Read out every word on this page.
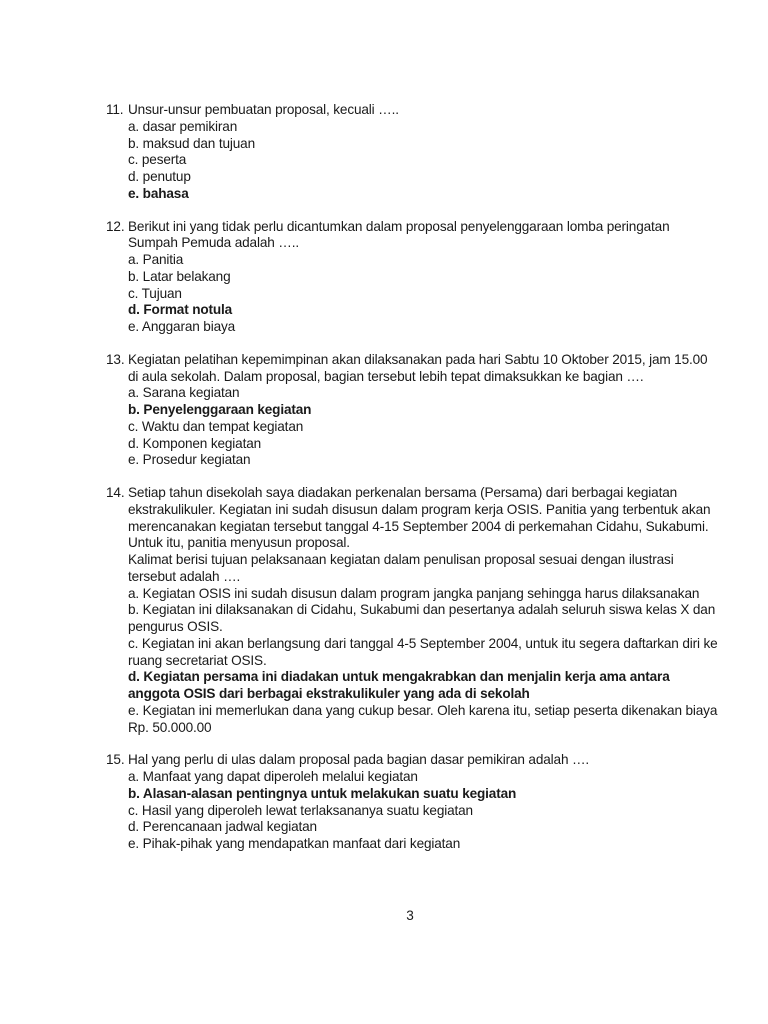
11. Unsur-unsur pembuatan proposal, kecuali …..
a. dasar pemikiran
b. maksud dan tujuan
c. peserta
d. penutup
e. bahasa
12. Berikut ini yang tidak perlu dicantumkan dalam proposal penyelenggaraan lomba peringatan
Sumpah Pemuda adalah …..
a. Panitia
b. Latar belakang
c. Tujuan
d. Format notula
e. Anggaran biaya
13. Kegiatan pelatihan kepemimpinan akan dilaksanakan pada hari Sabtu 10 Oktober 2015, jam 15.00
di aula sekolah. Dalam proposal, bagian tersebut lebih tepat dimaksukkan ke bagian ….
a. Sarana kegiatan
b. Penyelenggaraan kegiatan
c. Waktu dan tempat kegiatan
d. Komponen kegiatan
e. Prosedur kegiatan
14. Setiap tahun disekolah saya diadakan perkenalan bersama (Persama) dari berbagai kegiatan
ekstrakulikuler. Kegiatan ini sudah disusun dalam program kerja OSIS. Panitia yang terbentuk akan
merencanakan kegiatan tersebut tanggal 4-15 September 2004 di perkemahan Cidahu, Sukabumi.
Untuk itu, panitia menyusun proposal.
Kalimat berisi tujuan pelaksanaan kegiatan dalam penulisan proposal sesuai dengan ilustrasi
tersebut adalah ….
a. Kegiatan OSIS ini sudah disusun dalam program jangka panjang sehingga harus dilaksanakan
b. Kegiatan ini dilaksanakan di Cidahu, Sukabumi dan pesertanya adalah seluruh siswa kelas X dan
pengurus OSIS.
c. Kegiatan ini akan berlangsung dari tanggal 4-5 September 2004, untuk itu segera daftarkan diri ke
ruang secretariat OSIS.
d. Kegiatan persama ini diadakan untuk mengakrabkan dan menjalin kerja ama antara
anggota OSIS dari berbagai ekstrakulikuler yang ada di sekolah
e. Kegiatan ini memerlukan dana yang cukup besar. Oleh karena itu, setiap peserta dikenakan biaya
Rp. 50.000.00
15. Hal yang perlu di ulas dalam proposal pada bagian dasar pemikiran adalah ….
a. Manfaat yang dapat diperoleh melalui kegiatan
b. Alasan-alasan pentingnya untuk melakukan suatu kegiatan
c. Hasil yang diperoleh lewat terlaksananya suatu kegiatan
d. Perencanaan jadwal kegiatan
e. Pihak-pihak yang mendapatkan manfaat dari kegiatan
3
